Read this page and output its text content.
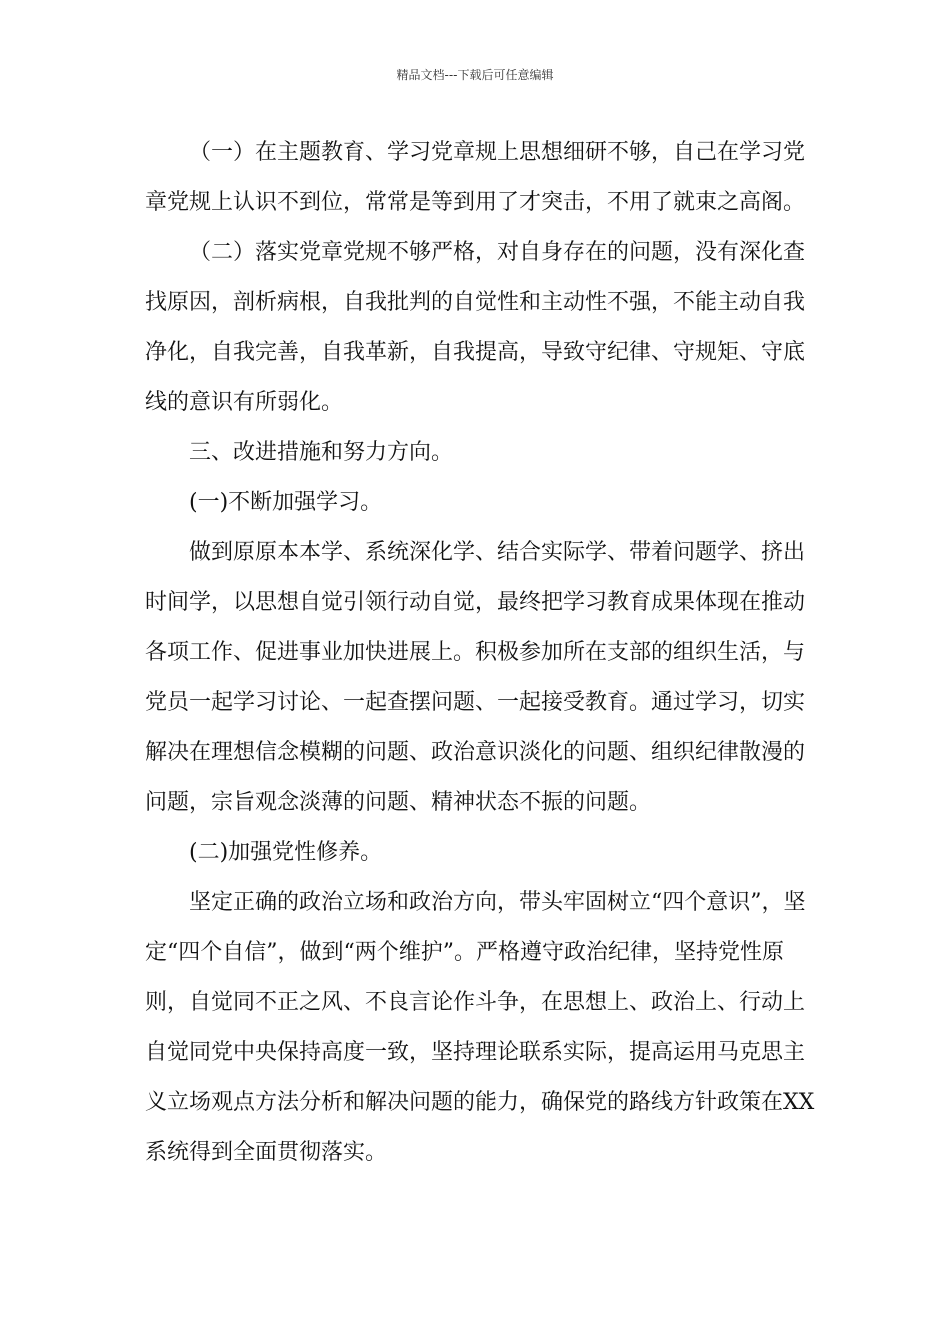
精品文档---下载后可任意编辑

（一）在主题教育、学习党章规上思想细研不够，自己在学习党章党规上认识不到位，常常是等到用了才突击，不用了就束之高阁。

（二）落实党章党规不够严格，对自身存在的问题，没有深化查找原因，剖析病根，自我批判的自觉性和主动性不强，不能主动自我净化，自我完善，自我革新，自我提高，导致守纪律、守规矩、守底线的意识有所弱化。

三、改进措施和努力方向。

(一)不断加强学习。

做到原原本本学、系统深化学、结合实际学、带着问题学、挤出时间学，以思想自觉引领行动自觉，最终把学习教育成果体现在推动各项工作、促进事业加快进展上。积极参加所在支部的组织生活，与党员一起学习讨论、一起查摆问题、一起接受教育。通过学习，切实解决在理想信念模糊的问题、政治意识淡化的问题、组织纪律散漫的问题，宗旨观念淡薄的问题、精神状态不振的问题。

(二)加强党性修养。

坚定正确的政治立场和政治方向，带头牢固树立“四个意识”，坚定“四个自信”，做到“两个维护”。严格遵守政治纪律，坚持党性原则，自觉同不正之风、不良言论作斗争，在思想上、政治上、行动上自觉同党中央保持高度一致，坚持理论联系实际，提高运用马克思主义立场观点方法分析和解决问题的能力，确保党的路线方针政策在XX系统得到全面贯彻落实。
